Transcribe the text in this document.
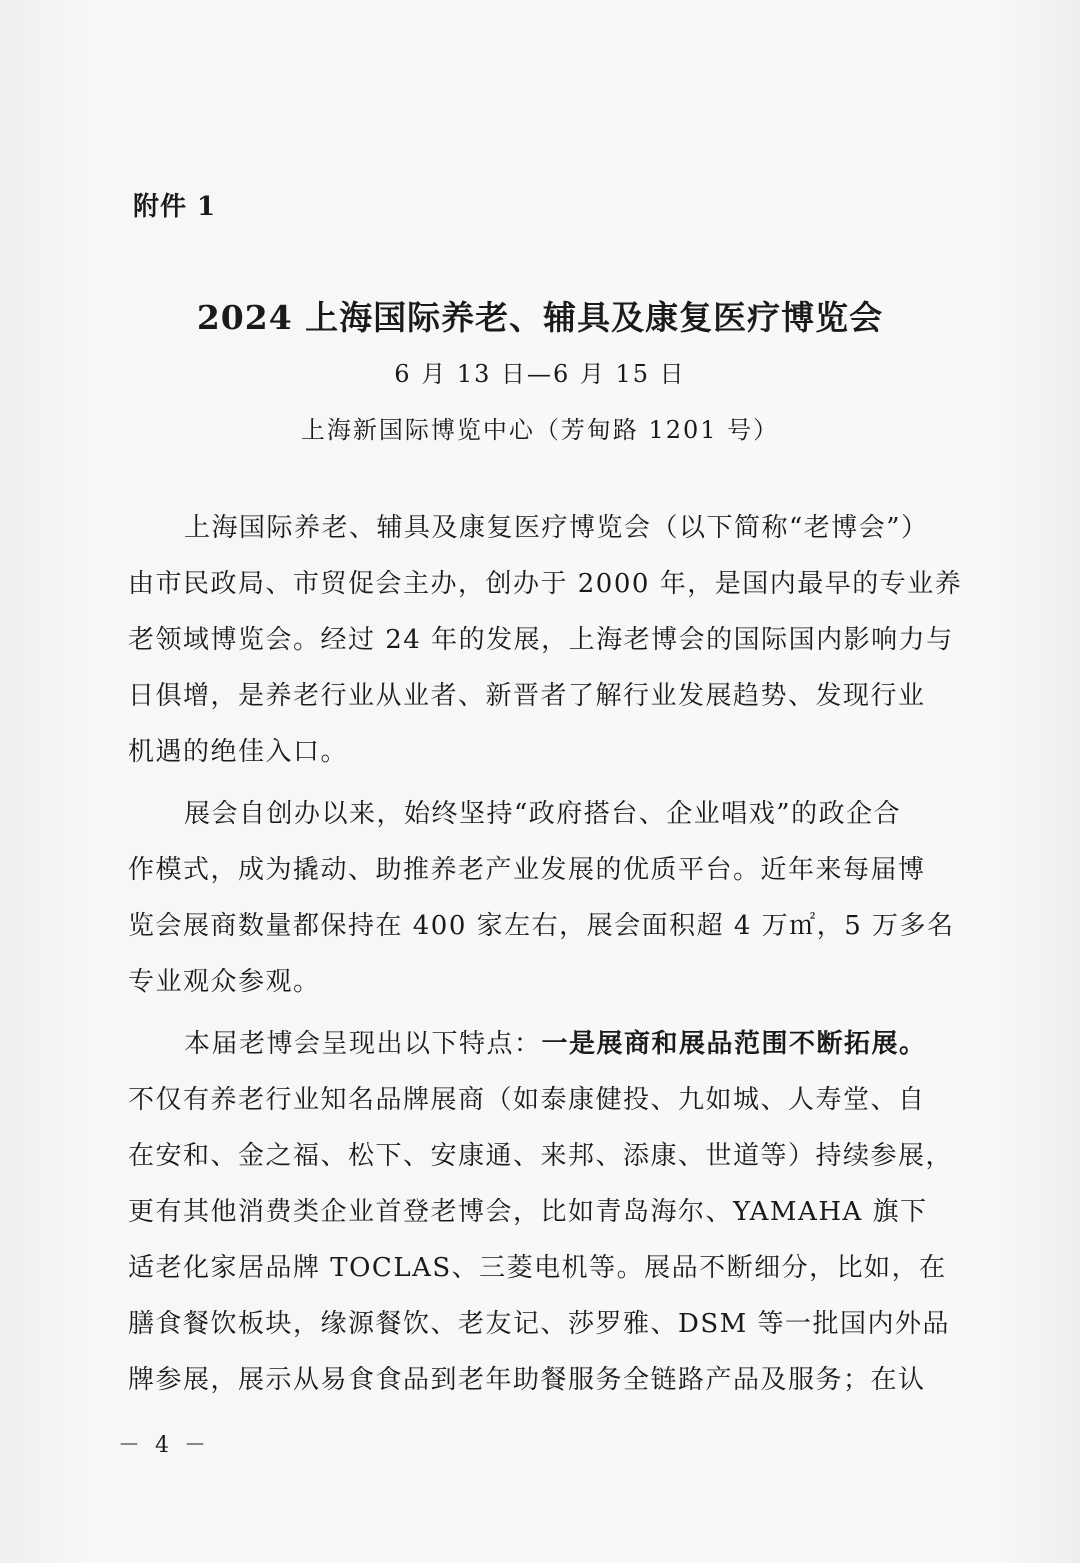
附件 1
2024 上海国际养老、辅具及康复医疗博览会
6 月 13 日—6 月 15 日
上海新国际博览中心（芳甸路 1201 号）
上海国际养老、辅具及康复医疗博览会（以下简称“老博会”）
由市民政局、市贸促会主办，创办于 2000 年，是国内最早的专业养
老领域博览会。经过 24 年的发展，上海老博会的国际国内影响力与
日俱增，是养老行业从业者、新晋者了解行业发展趋势、发现行业
机遇的绝佳入口。
展会自创办以来，始终坚持“政府搭台、企业唱戏”的政企合
作模式，成为撬动、助推养老产业发展的优质平台。近年来每届博
览会展商数量都保持在 400 家左右，展会面积超 4 万㎡，5 万多名
专业观众参观。
本届老博会呈现出以下特点：一是展商和展品范围不断拓展。
不仅有养老行业知名品牌展商（如泰康健投、九如城、人寿堂、自
在安和、金之福、松下、安康通、来邦、添康、世道等）持续参展，
更有其他消费类企业首登老博会，比如青岛海尔、YAMAHA 旗下
适老化家居品牌 TOCLAS、三菱电机等。展品不断细分，比如，在
膳食餐饮板块，缘源餐饮、老友记、莎罗雅、DSM 等一批国内外品
牌参展，展示从易食食品到老年助餐服务全链路产品及服务；在认
－ 4 －
